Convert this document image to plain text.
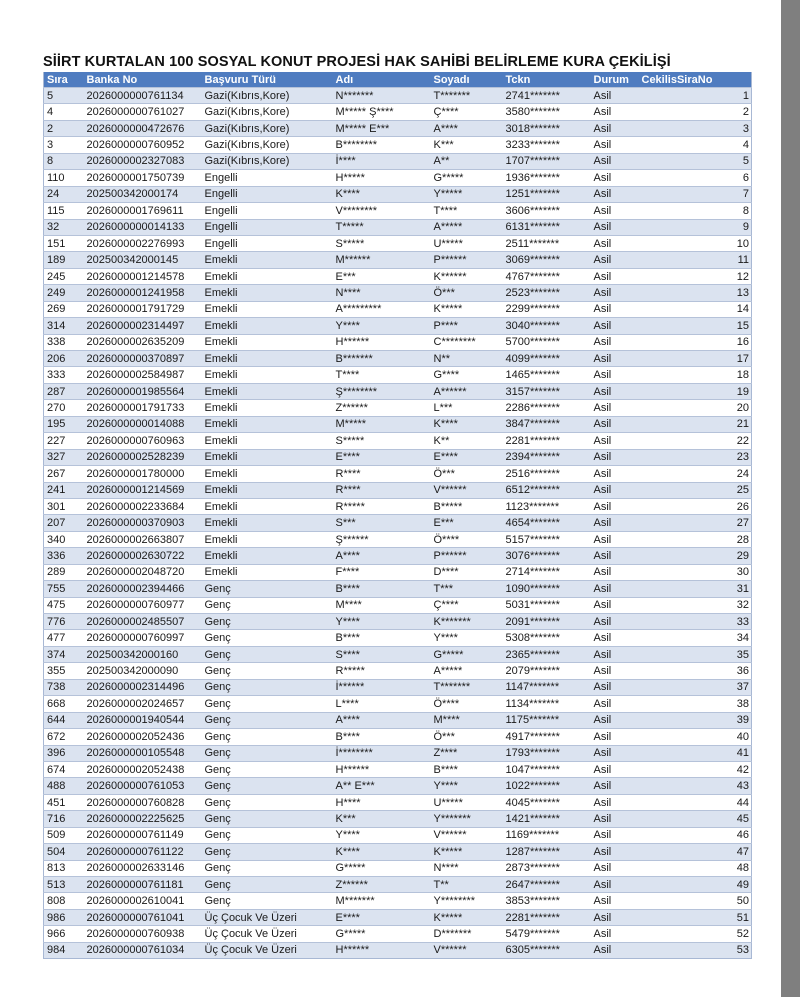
SİİRT KURTALAN 100 SOSYAL KONUT PROJESİ HAK SAHİBİ BELİRLEME KURA ÇEKİLİŞİ
Sıra	Banka No	Başvuru Türü	Adı	Soyadı	Tckn	Durum	CekilisSiraNo
5	2026000000761134	Gazi(Kıbrıs,Kore)	N*******	T*******	2741*******	Asil	1
4	2026000000761027	Gazi(Kıbrıs,Kore)	M***** Ş****	Ç****	3580*******	Asil	2
2	2026000000472676	Gazi(Kıbrıs,Kore)	M***** E***	A****	3018*******	Asil	3
3	2026000000760952	Gazi(Kıbrıs,Kore)	B********	K***	3233*******	Asil	4
8	2026000002327083	Gazi(Kıbrıs,Kore)	İ****	A**	1707*******	Asil	5
110	2026000001750739	Engelli	H*****	G*****	1936*******	Asil	6
24	202500342000174	Engelli	K****	Y*****	1251*******	Asil	7
115	2026000001769611	Engelli	V********	T****	3606*******	Asil	8
32	2026000000014133	Engelli	T*****	A*****	6131*******	Asil	9
151	2026000002276993	Engelli	S*****	U*****	2511*******	Asil	10
189	202500342000145	Emekli	M******	P******	3069*******	Asil	11
245	2026000001214578	Emekli	E***	K******	4767*******	Asil	12
249	2026000001241958	Emekli	N****	Ö***	2523*******	Asil	13
269	2026000001791729	Emekli	A*********	K*****	2299*******	Asil	14
314	2026000002314497	Emekli	Y****	P****	3040*******	Asil	15
338	2026000002635209	Emekli	H******	C********	5700*******	Asil	16
206	2026000000370897	Emekli	B*******	N**	4099*******	Asil	17
333	2026000002584987	Emekli	T****	G****	1465*******	Asil	18
287	2026000001985564	Emekli	Ş********	A******	3157*******	Asil	19
270	2026000001791733	Emekli	Z******	L***	2286*******	Asil	20
195	2026000000014088	Emekli	M*****	K****	3847*******	Asil	21
227	2026000000760963	Emekli	S*****	K**	2281*******	Asil	22
327	2026000002528239	Emekli	E****	E****	2394*******	Asil	23
267	2026000001780000	Emekli	R****	Ö***	2516*******	Asil	24
241	2026000001214569	Emekli	R****	V******	6512*******	Asil	25
301	2026000002233684	Emekli	R*****	B*****	1123*******	Asil	26
207	2026000000370903	Emekli	S***	E***	4654*******	Asil	27
340	2026000002663807	Emekli	Ş******	Ö****	5157*******	Asil	28
336	2026000002630722	Emekli	A****	P******	3076*******	Asil	29
289	2026000002048720	Emekli	F****	D****	2714*******	Asil	30
755	2026000002394466	Genç	B****	T***	1090*******	Asil	31
475	2026000000760977	Genç	M****	Ç****	5031*******	Asil	32
776	2026000002485507	Genç	Y****	K*******	2091*******	Asil	33
477	2026000000760997	Genç	B****	Y****	5308*******	Asil	34
374	202500342000160	Genç	S****	G*****	2365*******	Asil	35
355	202500342000090	Genç	R*****	A*****	2079*******	Asil	36
738	2026000002314496	Genç	İ******	T*******	1147*******	Asil	37
668	2026000002024657	Genç	L****	Ö****	1134*******	Asil	38
644	2026000001940544	Genç	A****	M****	1175*******	Asil	39
672	2026000002052436	Genç	B****	Ö***	4917*******	Asil	40
396	2026000000105548	Genç	İ********	Z****	1793*******	Asil	41
674	2026000002052438	Genç	H******	B****	1047*******	Asil	42
488	2026000000761053	Genç	A** E***	Y****	1022*******	Asil	43
451	2026000000760828	Genç	H****	U*****	4045*******	Asil	44
716	2026000002225625	Genç	K***	Y*******	1421*******	Asil	45
509	2026000000761149	Genç	Y****	V******	1169*******	Asil	46
504	2026000000761122	Genç	K****	K*****	1287*******	Asil	47
813	2026000002633146	Genç	G*****	N****	2873*******	Asil	48
513	2026000000761181	Genç	Z******	T**	2647*******	Asil	49
808	2026000002610041	Genç	M*******	Y********	3853*******	Asil	50
986	2026000000761041	Üç Çocuk Ve Üzeri	E****	K*****	2281*******	Asil	51
966	2026000000760938	Üç Çocuk Ve Üzeri	G*****	D*******	5479*******	Asil	52
984	2026000000761034	Üç Çocuk Ve Üzeri	H******	V******	6305*******	Asil	53
